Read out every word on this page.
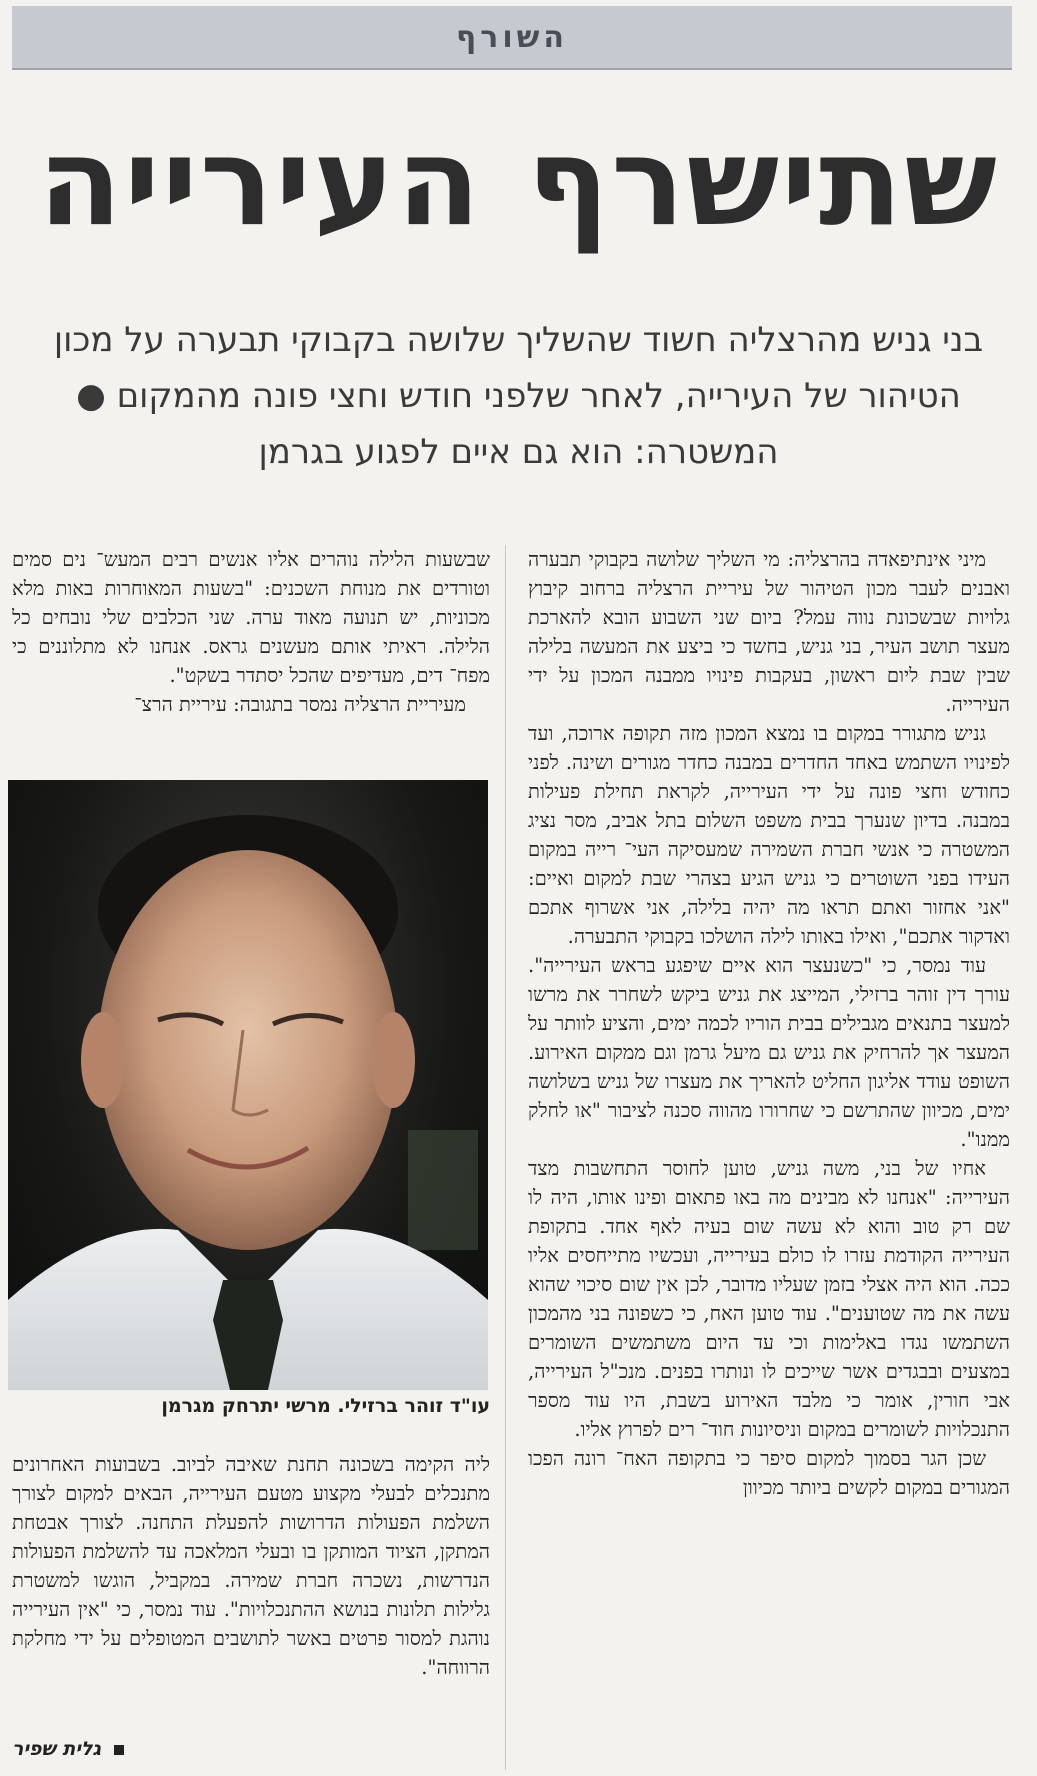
השורף
שתישרף העירייה
בני גניש מהרצליה חשוד שהשליך שלושה בקבוקי תבערה על מכון
הטיהור של העירייה, לאחר שלפני חודש וחצי פונה מהמקום ●
המשטרה: הוא גם איים לפגוע בגרמן

מיני אינתיפאדה בהרצליה: מי השליך שלושה בקבוקי תבערה ואבנים לעבר מכון הטיהור של עיריית הרצליה ברחוב קיבוץ גלויות שבשכונת נווה עמל? ביום שני השבוע הובא להארכת מעצר תושב העיר, בני גניש, בחשד כי ביצע את המעשה בלילה שבין שבת ליום ראשון, בעקבות פינויו ממבנה המכון על ידי העירייה.

גניש מתגורר במקום בו נמצא המכון מזה תקופה ארוכה, ועד לפינויו השתמש באחד החדרים במבנה כחדר מגורים ושינה. לפני כחודש וחצי פונה על ידי העירייה, לקראת תחילת פעילות במבנה. בדיון שנערך בבית משפט השלום בתל אביב, מסר נציג המשטרה כי אנשי חברת השמירה שמעסיקה העי־ רייה במקום העידו בפני השוטרים כי גניש הגיע בצהרי שבת למקום ואיים: "אני אחזור ואתם תראו מה יהיה בלילה, אני אשרוף אתכם ואדקור אתכם", ואילו באותו לילה הושלכו בקבוקי התבערה.

עוד נמסר, כי "כשנעצר הוא איים שיפגע בראש העירייה". עורך דין זוהר ברזילי, המייצג את גניש ביקש לשחרר את מרשו למעצר בתנאים מגבילים בבית הוריו לכמה ימים, והציע לוותר על המעצר אך להרחיק את גניש גם מיעל גרמן וגם ממקום האירוע. השופט עודד אליגון החליט להאריך את מעצרו של גניש בשלושה ימים, מכיוון שהתרשם כי שחרורו מהווה סכנה לציבור "או לחלק ממנו".

אחיו של בני, משה גניש, טוען לחוסר התחשבות מצד העירייה: "אנחנו לא מבינים מה באו פתאום ופינו אותו, היה לו שם רק טוב והוא לא עשה שום בעיה לאף אחד. בתקופת העירייה הקודמת עזרו לו כולם בעירייה, ועכשיו מתייחסים אליו ככה. הוא היה אצלי בזמן שעליו מדובר, לכן אין שום סיכוי שהוא עשה את מה שטוענים". עוד טוען האח, כי כשפונה בני מהמכון השתמשו נגדו באלימות וכי עד היום משתמשים השומרים במצעים ובבגדים אשר שייכים לו ונותרו בפנים. מנכ"ל העירייה, אבי חורין, אומר כי מלבד האירוע בשבת, היו עוד מספר התנכלויות לשומרים במקום וניסיונות חוד־ רים לפרוץ אליו.

שכן הגר בסמוך למקום סיפר כי בתקופה האח־ רונה הפכו המגורים במקום לקשים ביותר מכיוון

שבשעות הלילה נוהרים אליו אנשים רבים המעש־ נים סמים וטורדים את מנוחת השכנים: "בשעות המאוחרות באות מלא מכוניות, יש תנועה מאוד ערה. שני הכלבים שלי נובחים כל הלילה. ראיתי אותם מעשנים גראס. אנחנו לא מתלוננים כי מפח־ דים, מעדיפים שהכל יסתדר בשקט".

מעיריית הרצליה נמסר בתגובה: עיריית הרצ־

עו"ד זוהר ברזילי. מרשי יתרחק מגרמן

ליה הקימה בשכונה תחנת שאיבה לביוב. בשבועות האחרונים מתנכלים לבעלי מקצוע מטעם העירייה, הבאים למקום לצורך השלמת הפעולות הדרושות להפעלת התחנה. לצורך אבטחת המתקן, הציוד המותקן בו ובעלי המלאכה עד להשלמת הפעולות הנדרשות, נשכרה חברת שמירה. במקביל, הוגשו למשטרת גלילות תלונות בנושא ההתנכלויות". עוד נמסר, כי "אין העירייה נוהגת למסור פרטים באשר לתושבים המטופלים על ידי מחלקת הרווחה".

גלית שפיר
